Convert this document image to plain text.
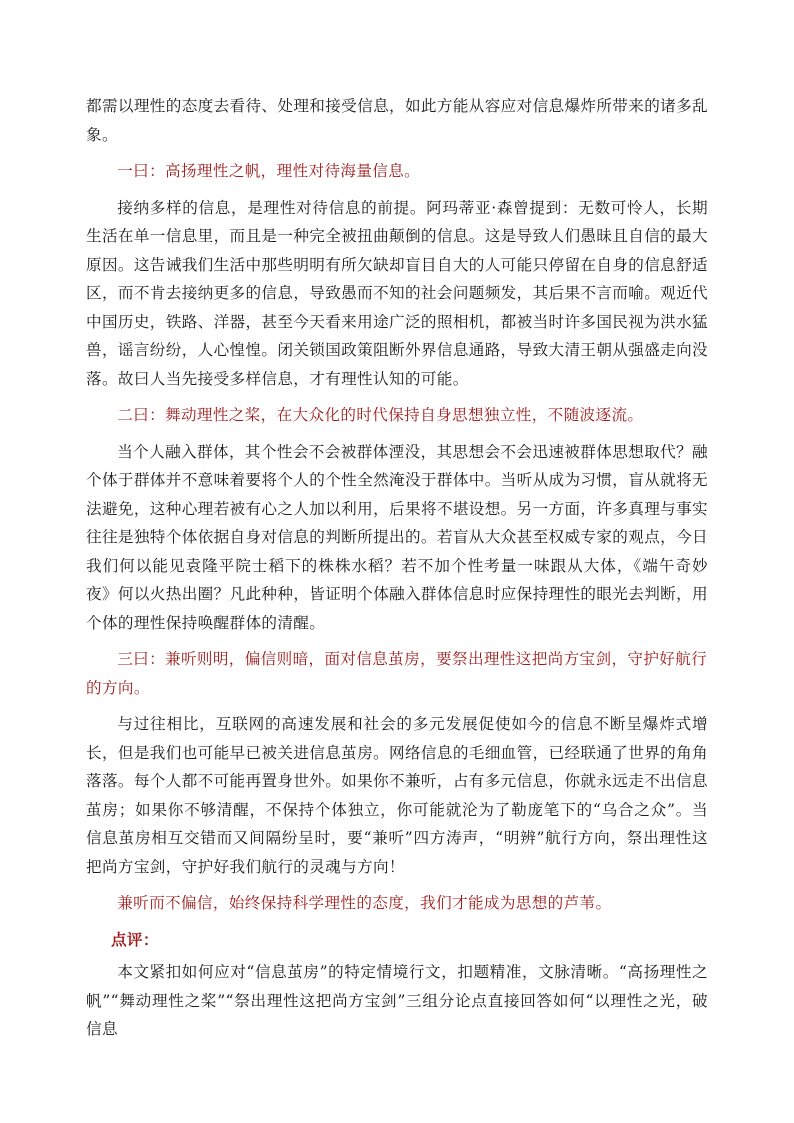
都需以理性的态度去看待、处理和接受信息，如此方能从容应对信息爆炸所带来的诸多乱象。

一曰：高扬理性之帆，理性对待海量信息。

接纳多样的信息，是理性对待信息的前提。阿玛蒂亚·森曾提到：无数可怜人，长期生活在单一信息里，而且是一种完全被扭曲颠倒的信息。这是导致人们愚昧且自信的最大原因。这告诫我们生活中那些明明有所欠缺却盲目自大的人可能只停留在自身的信息舒适区，而不肯去接纳更多的信息，导致愚而不知的社会问题频发，其后果不言而喻。观近代中国历史，铁路、洋器，甚至今天看来用途广泛的照相机，都被当时许多国民视为洪水猛兽，谣言纷纷，人心惶惶。闭关锁国政策阻断外界信息通路，导致大清王朝从强盛走向没落。故曰人当先接受多样信息，才有理性认知的可能。

二曰：舞动理性之桨，在大众化的时代保持自身思想独立性，不随波逐流。

当个人融入群体，其个性会不会被群体湮没，其思想会不会迅速被群体思想取代？融个体于群体并不意味着要将个人的个性全然淹没于群体中。当听从成为习惯，盲从就将无法避免，这种心理若被有心之人加以利用，后果将不堪设想。另一方面，许多真理与事实往往是独特个体依据自身对信息的判断所提出的。若盲从大众甚至权威专家的观点，今日我们何以能见袁隆平院士稻下的株株水稻？若不加个性考量一味跟从大体，《端午奇妙夜》何以火热出圈？凡此种种，皆证明个体融入群体信息时应保持理性的眼光去判断，用个体的理性保持唤醒群体的清醒。

三曰：兼听则明，偏信则暗，面对信息茧房，要祭出理性这把尚方宝剑，守护好航行的方向。

与过往相比，互联网的高速发展和社会的多元发展促使如今的信息不断呈爆炸式增长，但是我们也可能早已被关进信息茧房。网络信息的毛细血管，已经联通了世界的角角落落。每个人都不可能再置身世外。如果你不兼听，占有多元信息，你就永远走不出信息茧房；如果你不够清醒，不保持个体独立，你可能就沦为了勒庞笔下的“乌合之众”。当信息茧房相互交错而又间隔纷呈时，要“兼听”四方涛声，“明辨”航行方向，祭出理性这把尚方宝剑，守护好我们航行的灵魂与方向！

兼听而不偏信，始终保持科学理性的态度，我们才能成为思想的芦苇。

点评：

本文紧扣如何应对“信息茧房”的特定情境行文，扣题精准，文脉清晰。“高扬理性之帆”“舞动理性之桨”“祭出理性这把尚方宝剑”三组分论点直接回答如何“以理性之光，破信息
